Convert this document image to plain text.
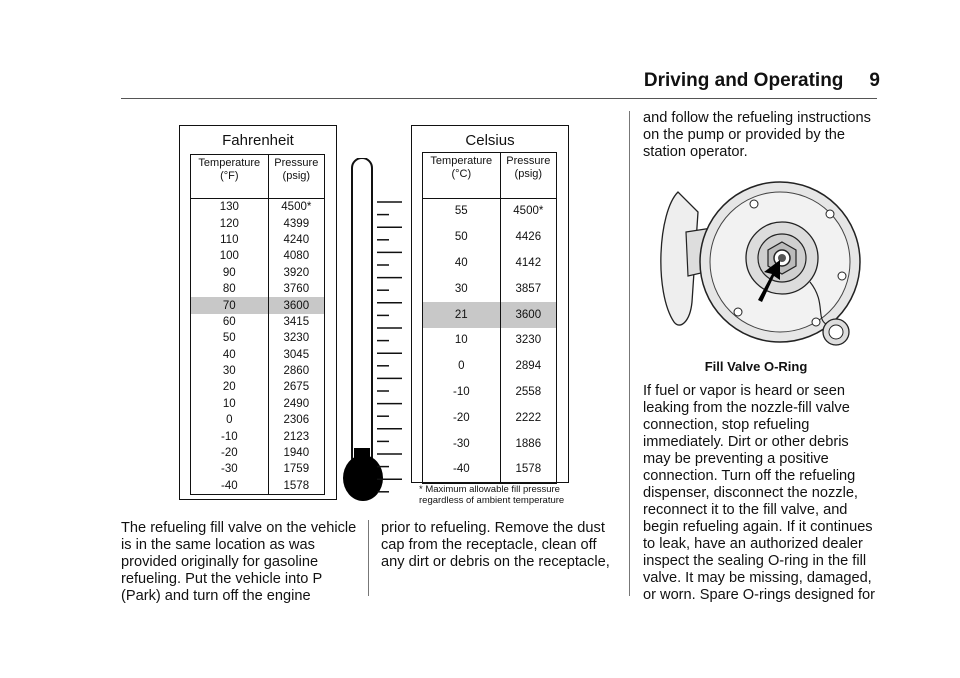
Driving and Operating 9
Fahrenheit
Temperature
(°F)	Pressure
(psig)
130	4500*
120	4399
110	4240
100	4080
90	3920
80	3760
70	3600
60	3415
50	3230
40	3045
30	2860
20	2675
10	2490
0	2306
-10	2123
-20	1940
-30	1759
-40	1578
Celsius
Temperature
(°C)	Pressure
(psig)
55	4500*
50	4426
40	4142
30	3857
21	3600
10	3230
0	2894
-10	2558
-20	2222
-30	1886
-40	1578
* Maximum allowable fill pressure
regardless of ambient temperature
The refueling fill valve on the vehicle is in the same location as was provided originally for gasoline refueling. Put the vehicle into P (Park) and turn off the engine
prior to refueling. Remove the dust cap from the receptacle, clean off any dirt or debris on the receptacle,
and follow the refueling instructions on the pump or provided by the station operator.
Fill Valve O-Ring
If fuel or vapor is heard or seen leaking from the nozzle-fill valve connection, stop refueling immediately. Dirt or other debris may be preventing a positive connection. Turn off the refueling dispenser, disconnect the nozzle, reconnect it to the fill valve, and begin refueling again. If it continues to leak, have an authorized dealer inspect the sealing O-ring in the fill valve. It may be missing, damaged, or worn. Spare O-rings designed for
